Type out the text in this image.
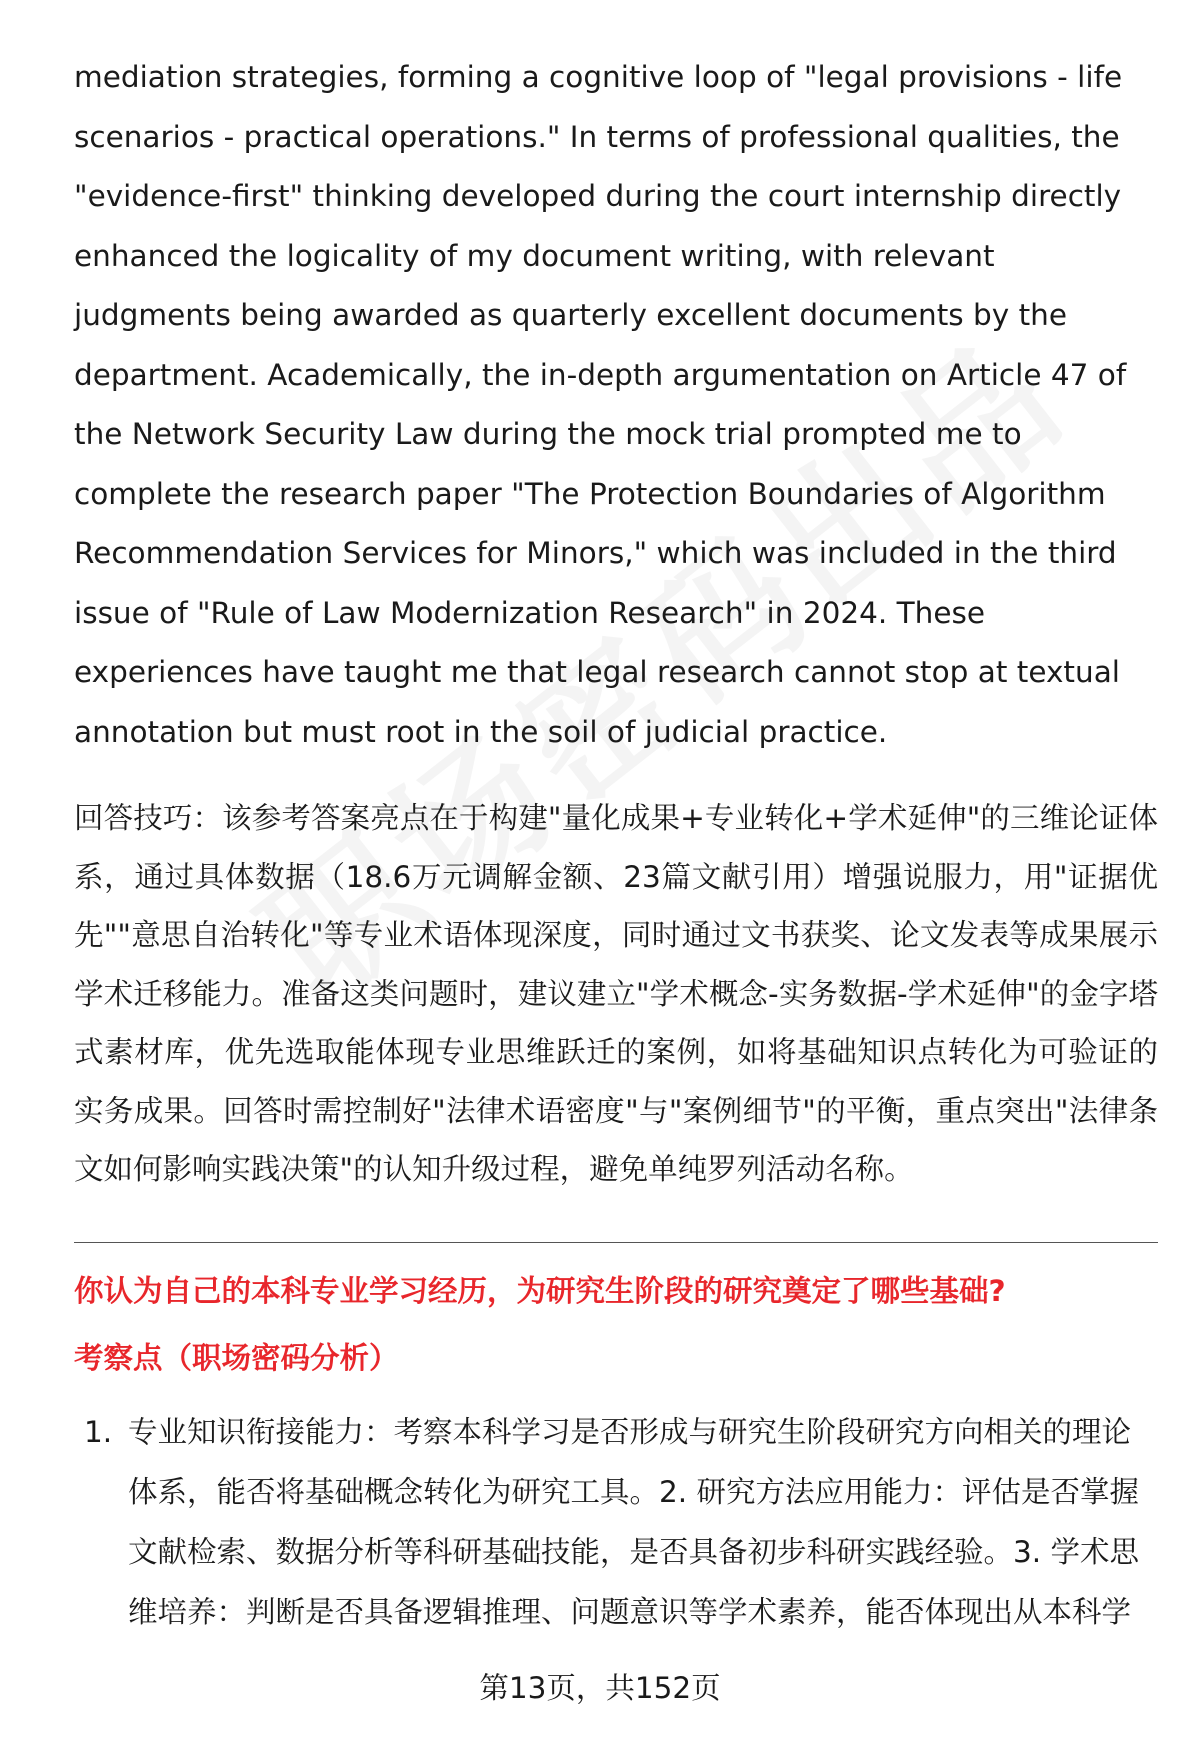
mediation strategies, forming a cognitive loop of "legal provisions - life scenarios - practical operations." In terms of professional qualities, the "evidence-first" thinking developed during the court internship directly enhanced the logicality of my document writing, with relevant judgments being awarded as quarterly excellent documents by the department. Academically, the in-depth argumentation on Article 47 of the Network Security Law during the mock trial prompted me to complete the research paper "The Protection Boundaries of Algorithm Recommendation Services for Minors," which was included in the third issue of "Rule of Law Modernization Research" in 2024. These experiences have taught me that legal research cannot stop at textual annotation but must root in the soil of judicial practice.

回答技巧：该参考答案亮点在于构建"量化成果+专业转化+学术延伸"的三维论证体系，通过具体数据（18.6万元调解金额、23篇文献引用）增强说服力，用"证据优先""意思自治转化"等专业术语体现深度，同时通过文书获奖、论文发表等成果展示学术迁移能力。准备这类问题时，建议建立"学术概念-实务数据-学术延伸"的金字塔式素材库，优先选取能体现专业思维跃迁的案例，如将基础知识点转化为可验证的实务成果。回答时需控制好"法律术语密度"与"案例细节"的平衡，重点突出"法律条文如何影响实践决策"的认知升级过程，避免单纯罗列活动名称。

你认为自己的本科专业学习经历，为研究生阶段的研究奠定了哪些基础?

考察点（职场密码分析）

1. 专业知识衔接能力：考察本科学习是否形成与研究生阶段研究方向相关的理论体系，能否将基础概念转化为研究工具。2. 研究方法应用能力：评估是否掌握文献检索、数据分析等科研基础技能，是否具备初步科研实践经验。3. 学术思维培养：判断是否具备逻辑推理、问题意识等学术素养，能否体现出从本科学
第13页，共152页
